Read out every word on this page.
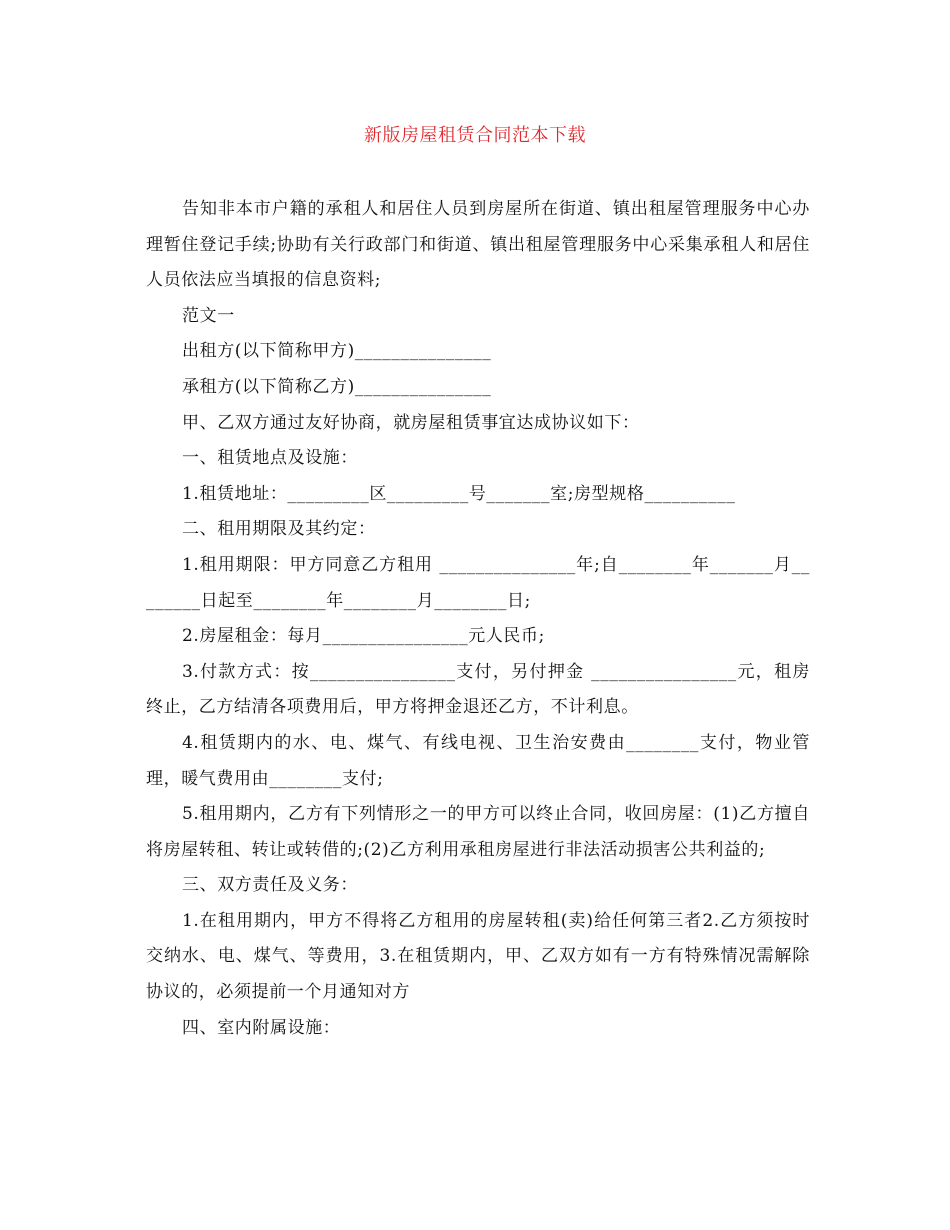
新版房屋租赁合同范本下载

告知非本市户籍的承租人和居住人员到房屋所在街道、镇出租屋管理服务中心办理暂住登记手续;协助有关行政部门和街道、镇出租屋管理服务中心采集承租人和居住人员依法应当填报的信息资料;

范文一

出租方(以下简称甲方)_______________

承租方(以下简称乙方)_______________

甲、乙双方通过友好协商，就房屋租赁事宜达成协议如下：

一、租赁地点及设施：

1.租赁地址：_________区_________号_______室;房型规格__________

二、租用期限及其约定：

1.租用期限：甲方同意乙方租用 _______________年;自________年_______月________日起至________年________月________日;

2.房屋租金：每月________________元人民币;

3.付款方式：按________________支付，另付押金 ________________元，租房终止，乙方结清各项费用后，甲方将押金退还乙方，不计利息。

4.租赁期内的水、电、煤气、有线电视、卫生治安费由________支付，物业管理，暖气费用由________支付;

5.租用期内，乙方有下列情形之一的甲方可以终止合同，收回房屋：(1)乙方擅自将房屋转租、转让或转借的;(2)乙方利用承租房屋进行非法活动损害公共利益的;

三、双方责任及义务：

1.在租用期内，甲方不得将乙方租用的房屋转租(卖)给任何第三者2.乙方须按时交纳水、电、煤气、等费用，3.在租赁期内，甲、乙双方如有一方有特殊情况需解除协议的，必须提前一个月通知对方

四、室内附属设施：
